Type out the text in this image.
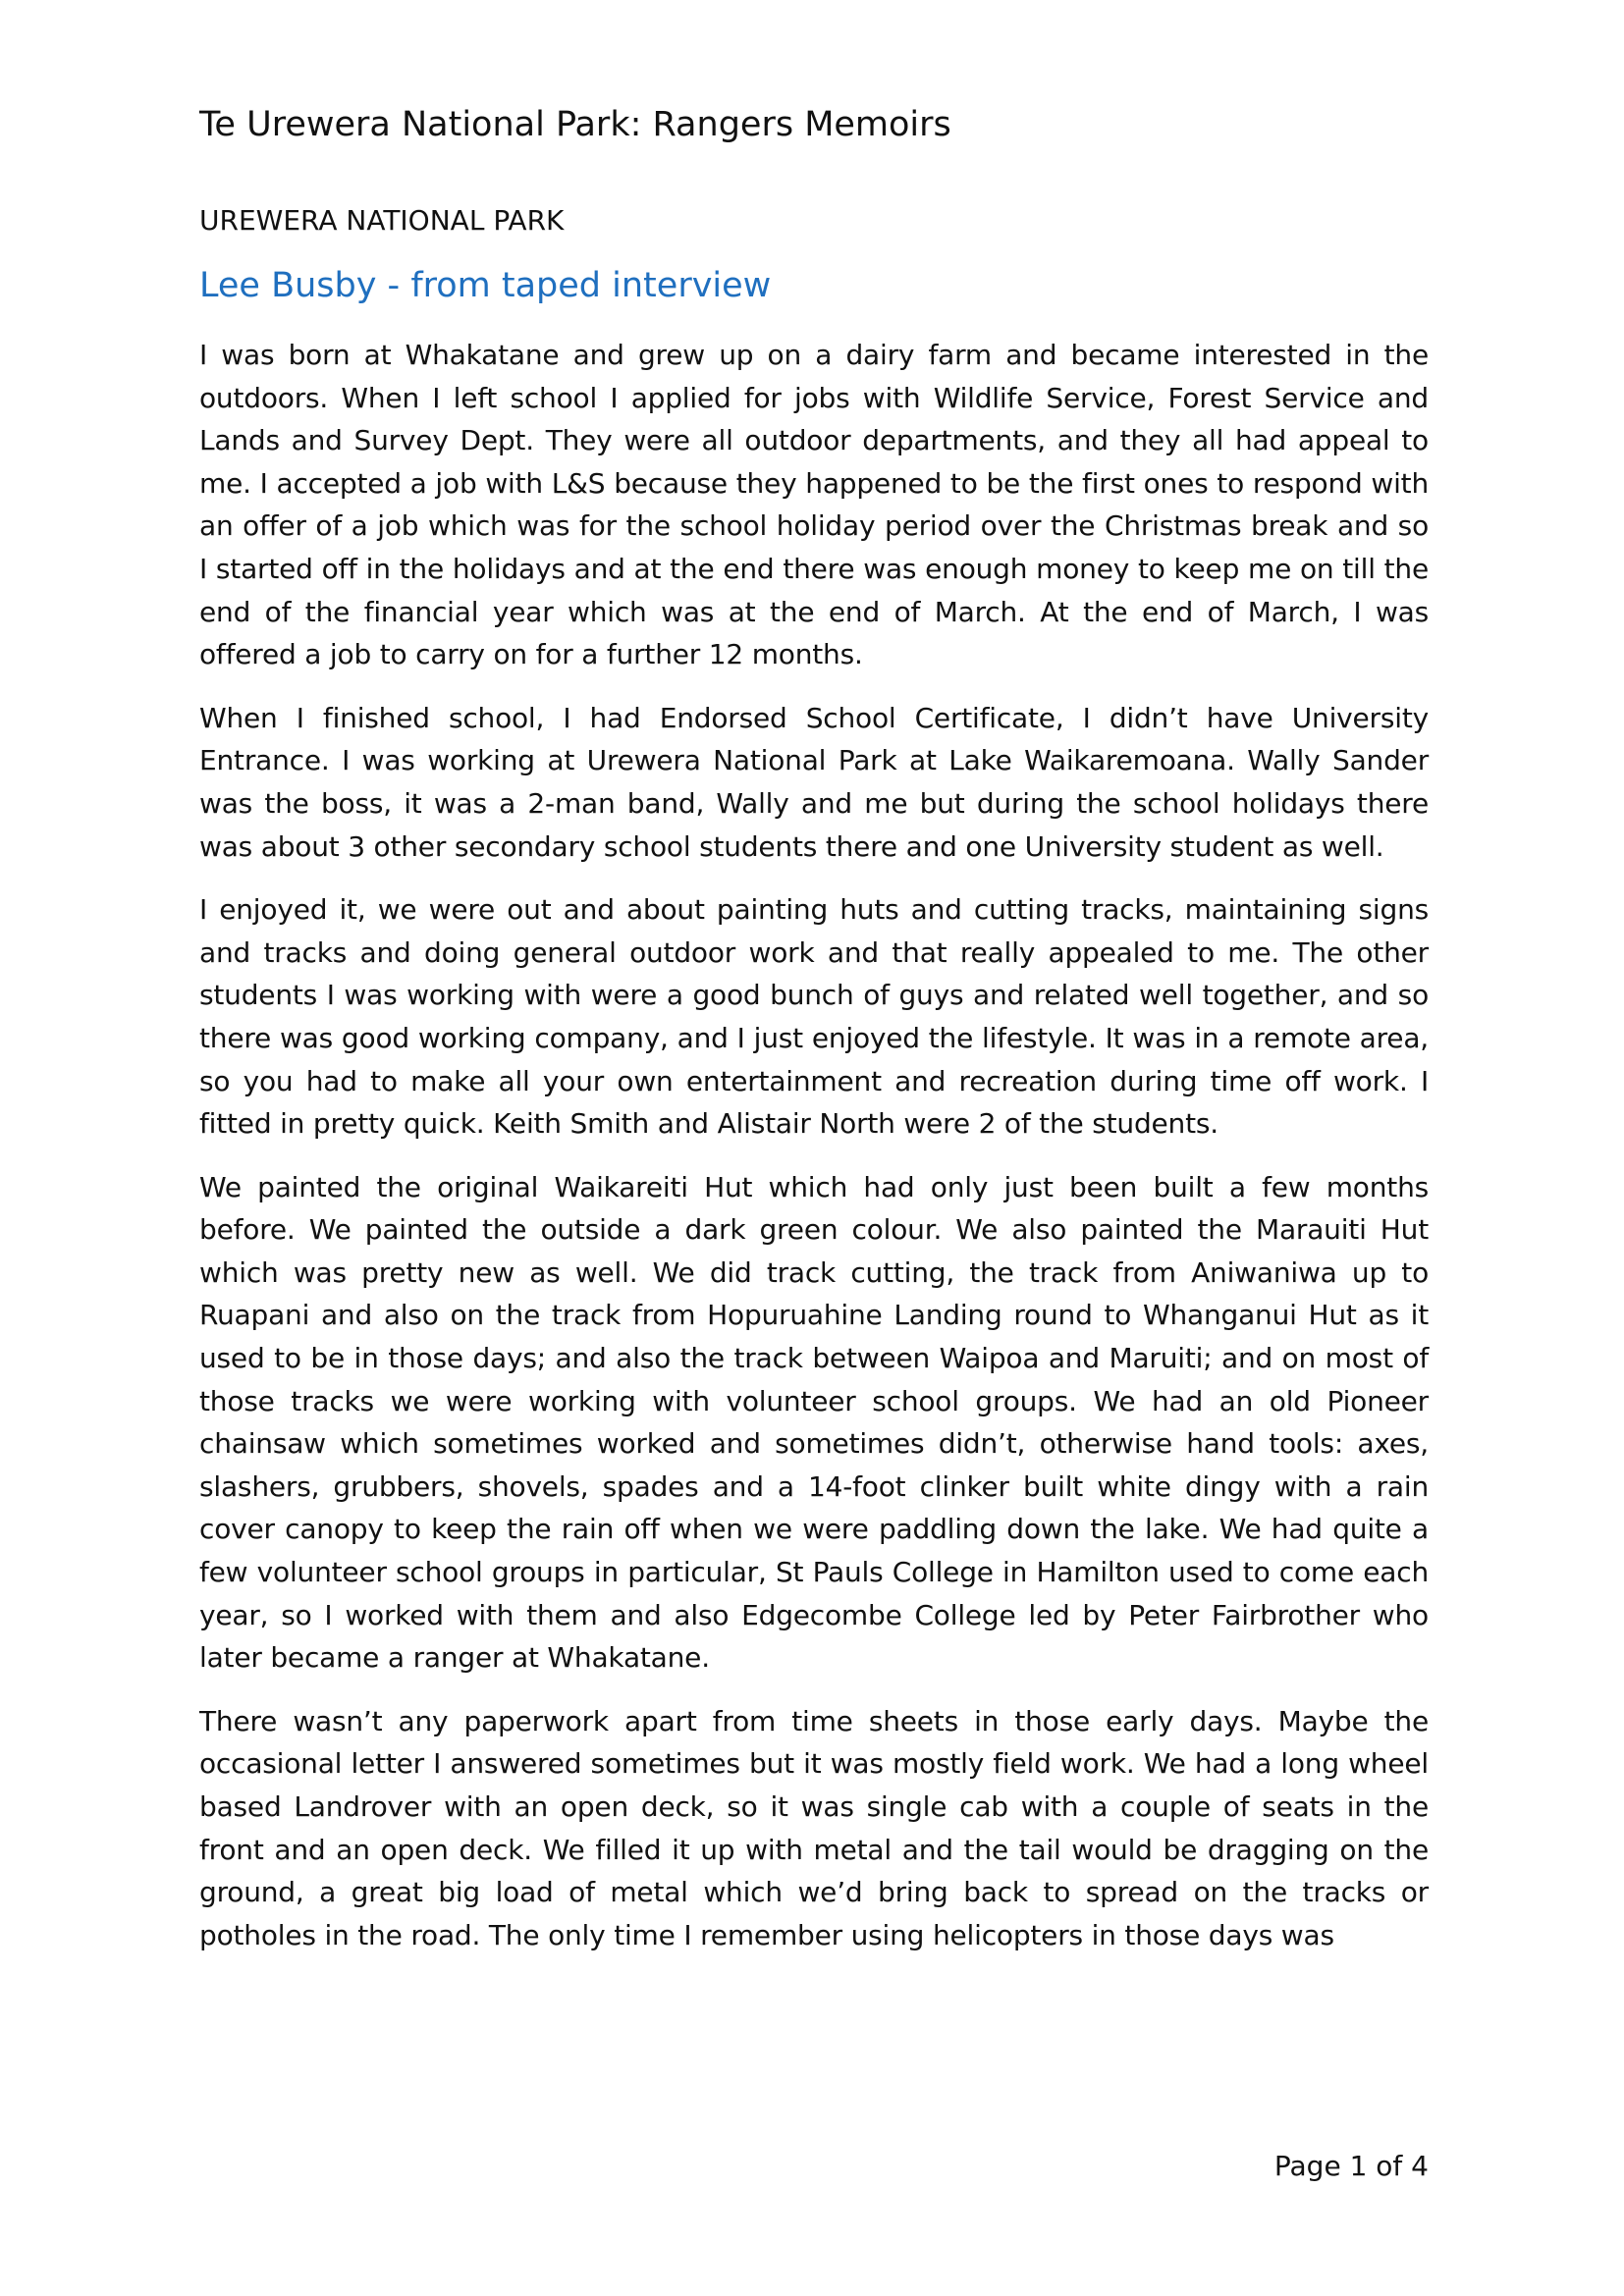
Te Urewera National Park: Rangers Memoirs
UREWERA NATIONAL PARK
Lee Busby - from taped interview

I was born at Whakatane and grew up on a dairy farm and became interested in the outdoors. When I left school I applied for jobs with Wildlife Service, Forest Service and Lands and Survey Dept. They were all outdoor departments, and they all had appeal to me. I accepted a job with L&S because they happened to be the first ones to respond with an offer of a job which was for the school holiday period over the Christmas break and so I started off in the holidays and at the end there was enough money to keep me on till the end of the financial year which was at the end of March. At the end of March, I was offered a job to carry on for a further 12 months.

When I finished school, I had Endorsed School Certificate, I didn’t have University Entrance. I was working at Urewera National Park at Lake Waikaremoana. Wally Sander was the boss, it was a 2-man band, Wally and me but during the school holidays there was about 3 other secondary school students there and one University student as well.

I enjoyed it, we were out and about painting huts and cutting tracks, maintaining signs and tracks and doing general outdoor work and that really appealed to me. The other students I was working with were a good bunch of guys and related well together, and so there was good working company, and I just enjoyed the lifestyle. It was in a remote area, so you had to make all your own entertainment and recreation during time off work. I fitted in pretty quick. Keith Smith and Alistair North were 2 of the students.

We painted the original Waikareiti Hut which had only just been built a few months before. We painted the outside a dark green colour. We also painted the Marauiti Hut which was pretty new as well. We did track cutting, the track from Aniwaniwa up to Ruapani and also on the track from Hopuruahine Landing round to Whanganui Hut as it used to be in those days; and also the track between Waipoa and Maruiti; and on most of those tracks we were working with volunteer school groups. We had an old Pioneer chainsaw which sometimes worked and sometimes didn’t, otherwise hand tools: axes, slashers, grubbers, shovels, spades and a 14-foot clinker built white dingy with a rain cover canopy to keep the rain off when we were paddling down the lake. We had quite a few volunteer school groups in particular, St Pauls College in Hamilton used to come each year, so I worked with them and also Edgecombe College led by Peter Fairbrother who later became a ranger at Whakatane.

There wasn’t any paperwork apart from time sheets in those early days. Maybe the occasional letter I answered sometimes but it was mostly field work. We had a long wheel based Landrover with an open deck, so it was single cab with a couple of seats in the front and an open deck. We filled it up with metal and the tail would be dragging on the ground, a great big load of metal which we’d bring back to spread on the tracks or potholes in the road. The only time I remember using helicopters in those days was

Page 1 of 4
